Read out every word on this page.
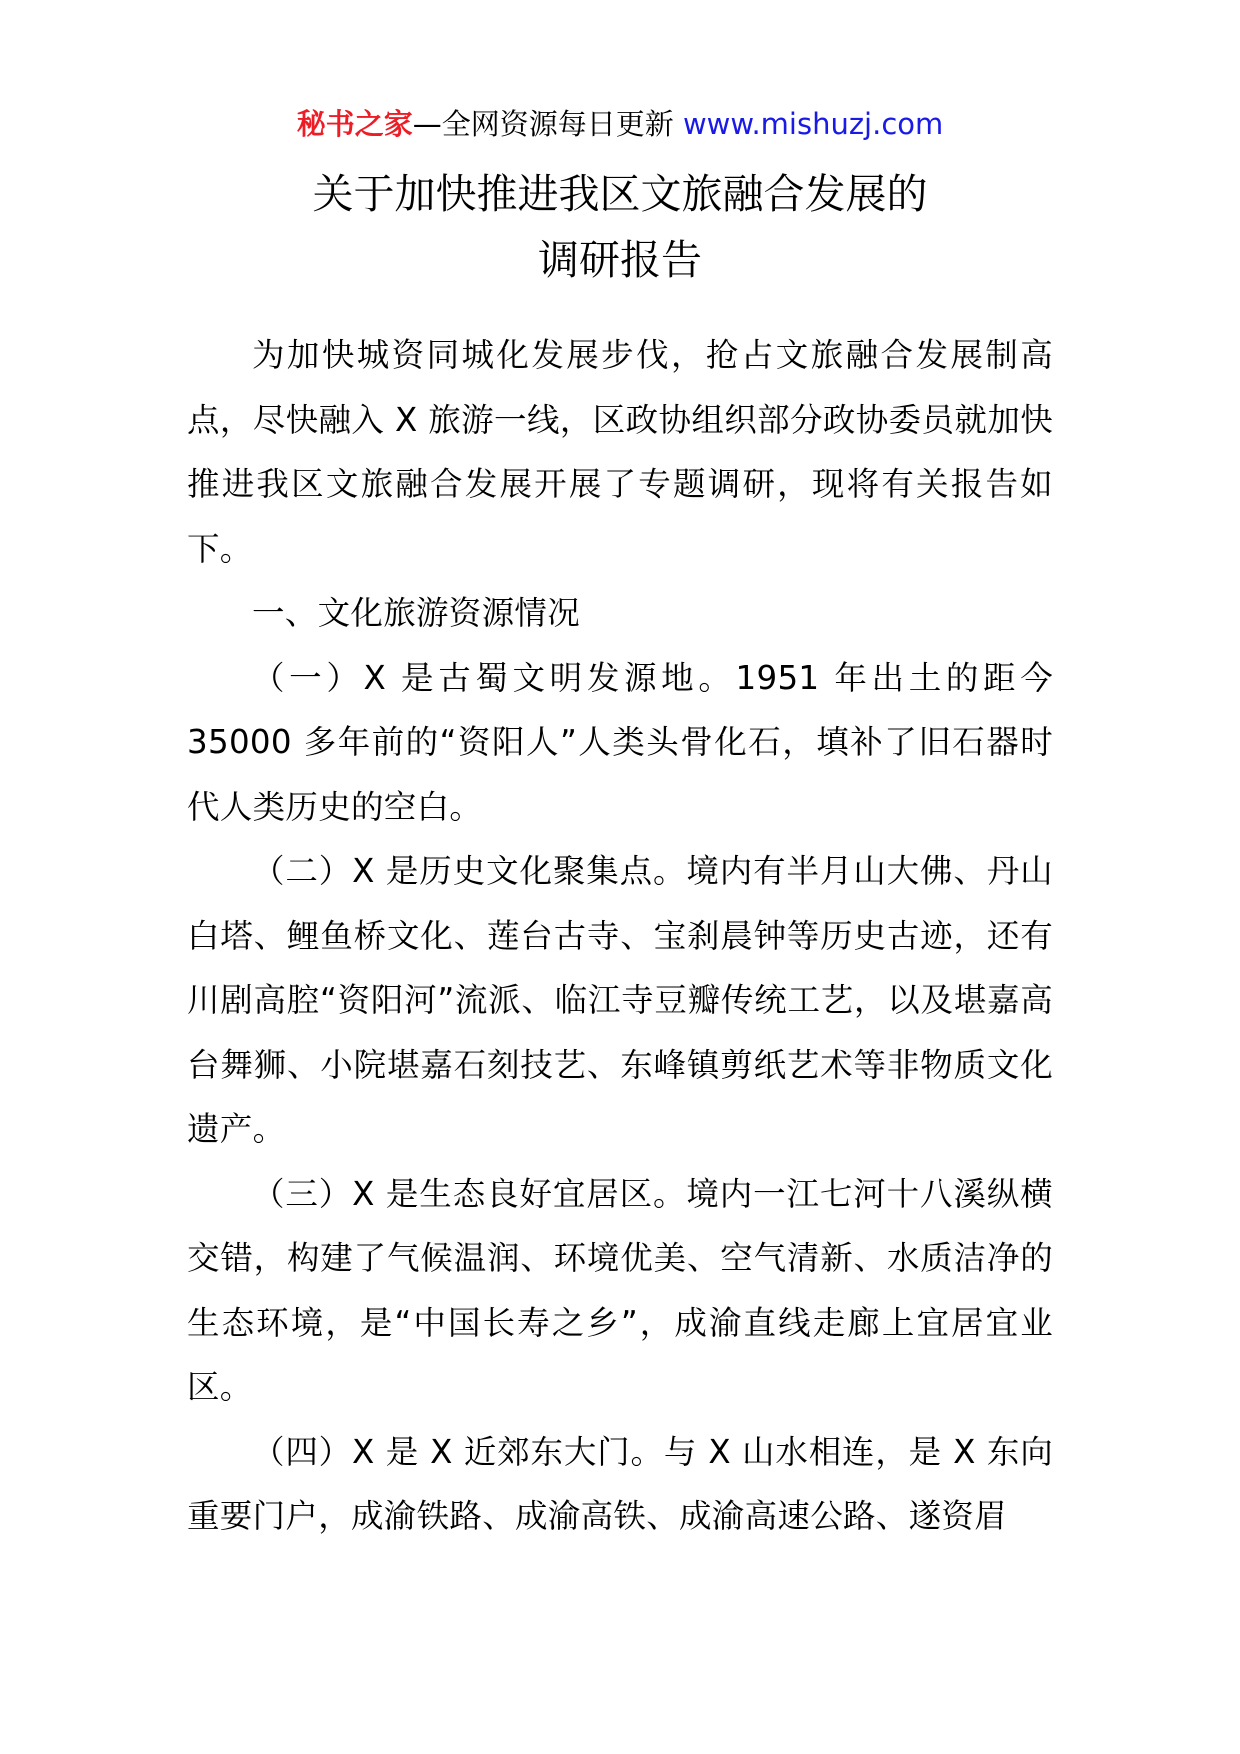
秘书之家—全网资源每日更新 www.mishuzj.com
关于加快推进我区文旅融合发展的
调研报告

为加快城资同城化发展步伐，抢占文旅融合发展制高点，尽快融入 X 旅游一线，区政协组织部分政协委员就加快推进我区文旅融合发展开展了专题调研，现将有关报告如下。

一、文化旅游资源情况

（一）X 是古蜀文明发源地。1951 年出土的距今 35000 多年前的“资阳人”人类头骨化石，填补了旧石器时代人类历史的空白。

（二）X 是历史文化聚集点。境内有半月山大佛、丹山白塔、鲤鱼桥文化、莲台古寺、宝刹晨钟等历史古迹，还有川剧高腔“资阳河”流派、临江寺豆瓣传统工艺，以及堪嘉高台舞狮、小院堪嘉石刻技艺、东峰镇剪纸艺术等非物质文化遗产。

（三）X 是生态良好宜居区。境内一江七河十八溪纵横交错，构建了气候温润、环境优美、空气清新、水质洁净的生态环境，是“中国长寿之乡”，成渝直线走廊上宜居宜业区。

（四）X 是 X 近郊东大门。与 X 山水相连，是 X 东向重要门户，成渝铁路、成渝高铁、成渝高速公路、遂资眉
